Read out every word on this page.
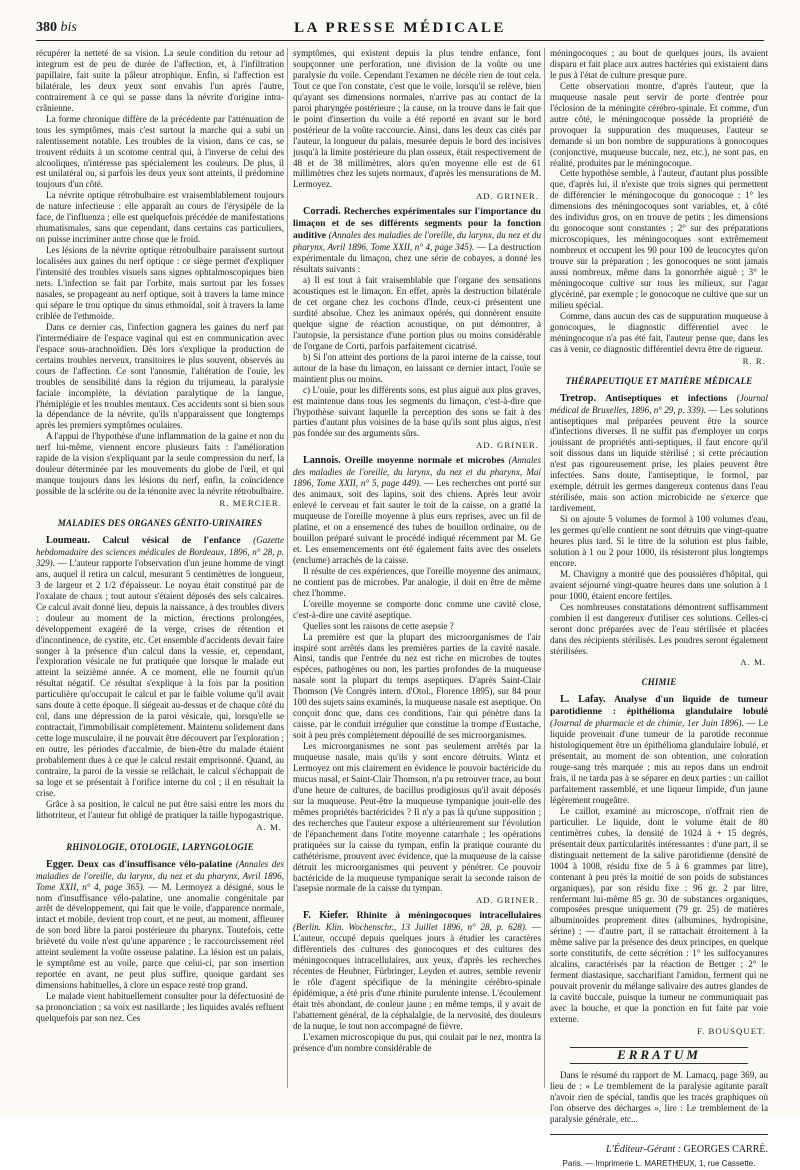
380 bis	LA PRESSE MÉDICALE

récupérer la netteté de sa vision. La seule condition du retour ad integrum est de peu de durée de l'affection, et, à l'infiltration papillaire, fait suite la pâleur atrophique. Enfin, si l'affection est bilatérale, les deux yeux sont envahis l'un après l'autre, contrairement à ce qui se passe dans la névrite d'origine intra-crânienne.

La forme chronique diffère de la précédente par l'atténuation de tous les symptômes, mais c'est surtout la marche qui a subi un ralentissement notable. Les troubles de la vision, dans ce cas, se trouvent réduits à un scotome central qui, à l'inverse de celui des alcooliques, n'intéresse pas spécialement les couleurs. De plus, il est unilatéral ou, si parfois les deux yeux sont atteints, il prédomine toujours d'un côté.

La névrite optique rétrobulbaire est vraisemblablement toujours de nature infectieuse : elle apparaît au cours de l'érysipèle de la face, de l'influenza ; elle est quelquefois précédée de manifestations rhumatismales, sans que cependant, dans certains cas particuliers, on puisse incriminer autre chose que le froid.

Les lésions de la névrite optique rétrobulbaire paraissent surtout localisées aux gaines du nerf optique : ce siège permet d'expliquer l'intensité des troubles visuels sans signes ophtalmoscopiques bien nets. L'infection se fait par l'orbite, mais surtout par les fosses nasales, se propageant au nerf optique, soit à travers la lame mince qui sépare le trou optique du sinus ethmoïdal, soit à travers la lame criblée de l'ethmoïde.

Dans ce dernier cas, l'infection gagnera les gaines du nerf par l'intermédiaire de l'espace vaginal qui est en communication avec l'espace sous-arachnoïdien. Dès lors s'explique la production de certains troubles nerveux, transitoires le plus souvent, observés au cours de l'affection. Ce sont l'anosmie, l'altération de l'ouïe, les troubles de sensibilité dans la région du trijumeau, la paralysie faciale incomplète, la déviation paralytique de la langue, l'hémiplégie et les troubles mentaux. Ces accidents sont si bien sous la dépendance de la névrite, qu'ils n'apparaissent que longtemps après les premiers symptômes oculaires.

A l'appui de l'hypothèse d'une inflammation de la gaine et non du nerf lui-même, viennent encore plusieurs faits : l'amélioration rapide de la vision s'expliquant par la seule compression du nerf, la douleur déterminée par les mouvements du globe de l'œil, et qui manque toujours dans les lésions du nerf, enfin, la coïncidence possible de la sclérite ou de la ténonite avec la névrite rétrobulbaire.

R. MERCIER.
MALADIES DES ORGANES GÉNITO-URINAIRES

Loumeau. Calcul vésical de l'enfance (Gazette hebdomadaire des sciences médicales de Bordeaux, 1896, n° 28, p. 329). — L'auteur rapporte l'observation d'un jeune homme de vingt ans, auquel il retira un calcul, mesurant 5 centimètres de longueur, 3 de largeur et 2 1/2 d'épaisseur. Le noyau était constitué par de l'oxalate de chaux ; tout autour s'étaient déposés des sels calcaires. Ce calcul avait donné lieu, depuis la naissance, à des troubles divers : douleur au moment de la miction, érections prolongées, développement exagéré de la verge, crises de rétention et d'incontinence, de cystite, etc. Cet ensemble d'accidents devait faire songer à la présence d'un calcul dans la vessie, et, cependant, l'exploration vésicale ne fut pratiquée que lorsque le malade eut atteint la seizième année. A ce moment, elle ne fournit qu'un résultat négatif. Ce résultat s'explique à la fois par la position particulière qu'occupait le calcul et par le faible volume qu'il avait sans doute à cette époque. Il siégeait au-dessus et de chaque côté du col, dans une dépression de la paroi vésicale, qui, lorsqu'elle se contractait, l'immobilisait complètement. Maintenu solidement dans cette loge musculaire, il ne pouvait être découvert par l'exploration ; en outre, les périodes d'accalmie, de bien-être du malade étaient probablement dues à ce que le calcul restait emprisonné. Quand, au contraire, la paroi de la vessie se relâchait, le calcul s'échappait de sa loge et se présentait à l'orifice interne du col ; il en résultait la crise.

Grâce à sa position, le calcul ne put être saisi entre les mors du lithotriteur, et l'auteur fut obligé de pratiquer la taille hypogastrique.

A. M.
RHINOLOGIE, OTOLOGIE, LARYNGOLOGIE

Egger. Deux cas d'insuffisance vélo-palatine (Annales des maladies de l'oreille, du larynx, du nez et du pharynx, Avril 1896, Tome XXII, n° 4, page 365). — M. Lermoyez a désigné, sous le nom d'insuffisance vélo-palatine, une anomalie congénitale par arrêt de développement, qui fait que le voile, d'apparence normale, intact et mobile, devient trop court, et ne peut, au moment, affleurer de son bord libre la paroi postérieure du pharynx. Toutefois, cette brièveté du voile n'est qu'une apparence ; le raccourcissement réel atteint seulement la voûte osseuse palatine. La lésion est un palais, le symptôme est au voile, parce que celui-ci, par son insertion reportée en avant, ne peut plus suffire, quoique gardant ses dimensions habituelles, à clore un espace resté trop grand.

Le malade vient habituellement consulter pour la défectuosité de sa prononciation ; sa voix est nasillarde ; les liquides avalés refluent quelquefois par son nez. Ces

symptômes, qui existent depuis la plus tendre enfance, font soupçonner une perforation, une division de la voûte ou une paralysie du voile. Cependant l'examen ne décèle rien de tout cela. Tout ce que l'on constate, c'est que le voile, lorsqu'il se relève, bien qu'ayant ses dimensions normales, n'arrive pas au contact de la paroi pharyngée postérieure ; la cause, on la trouve dans le fait que le point d'insertion du voile a été reporté en avant sur le bord postérieur de la voûte raccourcie. Ainsi, dans les deux cas cités par l'auteur, la longueur du palais, mesurée depuis le bord des incisives jusqu'à la limite postérieure du plan osseux, était respectivement de 48 et de 38 millimètres, alors qu'en moyenne elle est de 61 millimètres chez les sujets normaux, d'après les mensurations de M. Lermoyez.

AD. GRINER.

Corradi. Recherches expérimentales sur l'importance du limaçon et de ses différents segments pour la fonction auditive (Annales des maladies de l'oreille, du larynx, du nez et du pharynx, Avril 1896. Tome XXII, n° 4, page 345). — La destruction expérimentale du limaçon, chez une série de cobayes, a donné les résultats suivants :

a) Il est tout à fait vraisemblable que l'organe des sensations acoustiques est le limaçon. En effet, après la destruction bilatérale de cet organe chez les cochons d'Inde, ceux-ci présentent une surdité absolue. Chez les animaux opérés, qui donnèrent ensuite quelque signe de réaction acoustique, on put démontrer, à l'autopsie, la persistance d'une portion plus ou moins considérable de l'organe de Corti, parfois parfaitement cicatrisé.

b) Si l'on atteint des portions de la paroi interne de la caisse, tout autour de la base du limaçon, en laissant ce dernier intact, l'ouïe se maintient plus ou moins.

c) L'ouïe, pour les différents sons, est plus aiguë aux plus graves, est maintenue dans tous les segments du limaçon, c'est-à-dire que l'hypothèse suivant laquelle la perception des sons se fait à des parties d'autant plus voisines de la base qu'ils sont plus aigus, n'est pas fondée sur des arguments sûrs.

AD. GRINER.

Lannois. Oreille moyenne normale et microbes (Annales des maladies de l'oreille, du larynx, du nez et du pharynx, Mai 1896, Tome XXII, n° 5, page 449). — Les recherches ont porté sur des animaux, soit des lapins, soit des chiens. Après leur avoir enlevé le cerveau et fait sauter le toit de la caisse, on a gratté la muqueuse de l'oreille moyenne à plus eurs reprises, avec un fil de platine, et on a ensemencé des tubes de bouillon ordinaire, ou de bouillon préparé suivant le procédé indiqué récemment par M. Ge et. Les ensemencements ont été également faits avec des osselets (enclume) arrachés de la caisse.

Il résulte de ces expériences, que l'oreille moyenne des animaux, ne contient pas de microbes. Par analogie, il doit en être de même chez l'homme.

L'oreille moyenne se comporte donc comme une cavité close, c'est-à-dire une cavité aseptique.

Quelles sont les raisons de cette asepsie ?

La première est que la plupart des microorganismes de l'air inspiré sont arrêtés dans les premières parties de la cavité nasale. Ainsi, tandis que l'entrée du nez est riche en microbes de toutes espèces, pathogènes ou non, les parties profondes de la muqueuse nasale sont la plupart du temps aseptiques. D'après Saint-Clair Thomson (Ve Congrès intern. d'Otol., Florence 1895), sur 84 pour 100 des sujets sains examinés, la muqueuse nasale est aseptique. On conçoit donc que, dans ces conditions, l'air qui pénètre dans la caisse, par le conduit irrégulier que constitue la trompe d'Eustache, soit à peu près complètement dépouillé de ses microorganismes.

Les microorganismes ne sont pas seulement arrêtés par la muqueuse nasale, mais qu'ils y sont encore détruits. Wintz et Lermoyez ont mis clairement en évidence le pouvoir bactéricide du mucus nasal, et Saint-Clair Thomson, n'a pu retrouver trace, au bout d'une heure de cultures, de bacillus prodigiosus qu'il avait déposés sur la muqueuse. Peut-être la muqueuse tympanique jouit-elle des mêmes propriétés bactéricides ? Il n'y a pas là qu'une supposition ; des recherches que l'auteur expose a ultérieurement sur l'évolution de l'épanchement dans l'otite moyenne catarrhale ; les opérations pratiquées sur la caisse du tympan, enfin la pratique courante du cathétérisme, prouvent avec évidence, que la muqueuse de la caisse détruit les microorganismes qui peuvent y pénétrer. Ce pouvoir bactéricide de la muqueuse tympanique serait la seconde raison de l'asepsie normale de la caisse du tympan.

AD. GRINER.

F. Kiefer. Rhinite à méningocoques intracellulaires (Berlin. Klin. Wochenschr., 13 Juillet 1896, n° 28, p. 628). — L'auteur, occupé depuis quelques jours à étudier les caractères différentiels des cultures des gonocoques et des cultures des méningocoques intracellulaires, aux yeux, d'après les recherches récentes de Heubner, Fürbringer, Leyden et autres, semble revenir le rôle d'agent spécifique de la méningite cérébro-spinale épidémique, a été pris d'une rhinite purulente intense. L'écoulement était très abondant, de couleur jaune ; en même temps, il y avait de l'abattement général, de la céphalalgie, de la nervosité, des douleurs de la nuque, le tout non accompagné de fièvre.

L'examen microscopique du pus, qui coulait par le nez, montra la présence d'un nombre considérable de

méningocoques ; au bout de quelques jours, ils avaient disparu et fait place aux autres bactéries qui existaient dans le pus à l'état de culture presque pure.

Cette observation montre, d'après l'auteur, que la muqueuse nasale peut servir de porte d'entrée pour l'éclosion de la méningite cérébro-spinale. Et comme, d'un autre côté, le méningocoque possède la propriété de provoquer la suppuration des muqueuses, l'auteur se demande si un bon nombre de suppurations à gonocoques (conjonctive, muqueuse buccale, nez, etc.), ne sont pas, en réalité, produites par le méningocoque.

Cette hypothèse semble, à l'auteur, d'autant plus possible que, d'après lui, il n'existe que trois signes qui permettent de différencier le méningocoque du gonocoque : 1° les dimensions des méningocoques sont variables, et, à côté des individus gros, on en trouve de petits ; les dimensions du gonocoque sont constantes ; 2° sur des préparations microscopiques, les méningocoques sont extrêmement nombreux et occupent les 90 pour 100 de leucocytes qu'on trouve sur la préparation ; les gonocoques ne sont jamais aussi nombreux, même dans la gonorrhée aiguë ; 3° le méningocoque cultive sur tous les milieux, sur l'agar glycériné, par exemple ; le gonocoque ne cultive que sur un milieu spécial.

Comme, dans aucun des cas de suppuration muqueuse à gonocoques, le diagnostic différentiel avec le méningocoque n'a pas été fait, l'auteur pense que, dans les cas à venir, ce diagnostic différentiel devra être de rigueur.

R. R.
THÉRAPEUTIQUE ET MATIÈRE MÉDICALE

Tretrop. Antiseptiques et infections (Journal médical de Bruxelles, 1896, n° 29, p. 339). — Les solutions antiseptiques mal préparées peuvent être la source d'infections diverses. Il ne suffit pas d'employer un corps jouissant de propriétés anti-septiques, il faut encore qu'il soit dissous dans un liquide stérilisé ; si cette précaution n'est pas rigoureusement prise, les plaies peuvent être infectées. Sans doute, l'antiseptique, le formol, par exemple, détruit les germes dangereux contenus dans l'eau stérilisée, mais son action microbicide ne s'exerce que tardivement.

Si on ajoute 5 volumes de formol à 100 volumes d'eau, les germes qu'elle contient ne sont détruits que vingt-quatre heures plus tard. Si le titre de la solution est plus faible, solution à 1 ou 2 pour 1000, ils résisteront plus longtemps encore.

M. Chavigny a montré que des poussières d'hôpital, qui avaient séjourné vingt-quatre heures dans une solution à 1 pour 1000, étaient encore fertiles.

Ces nombreuses constatations démontrent suffisamment combien il est dangereux d'utiliser ces solutions. Celles-ci seront donc préparées avec de l'eau stérilisée et placées dans des récipients stérilisés. Les poudres seront également stérilisées.

A. M.
CHIMIE

L. Lafay. Analyse d'un liquide de tumeur parotidienne : épithélioma glandulaire lobulé (Journal de pharmacie et de chimie, 1er Juin 1896). — Le liquide provenait d'une tumeur de la parotide reconnue histologiquement être un épithélioma glandulaire lobulé, et présentait, au moment de son obtention, une coloration rouge-sang très marquée ; mis au repos dans un endroit frais, il ne tarda pas à se séparer en deux parties : un caillot parfaitement rassemblé, et une liqueur limpide, d'un jaune légèrement rougeâtre.

Le caillot, examiné au microscope, n'offrait rien de particulier. Le liquide, dont le volume était de 80 centimètres cubes, la densité de 1024 à + 15 degrés, présentait deux particularités intéressantes : d'une part, il se distinguait nettement de la salive parotidienne (densité de 1004 à 1008, résidu fixe de 5 à 6 grammes par litre), contenant à peu près la moitié de son poids de substances organiques), par son résidu fixe : 96 gr. 2 par litre, renfermant lui-même 85 gr. 30 de substances organiques, composées presque uniquement (79 gr. 25) de matières albuminoïdes proprement dites (albumines, hydropisine, sérine) ; — d'autre part, il se rattachait étroitement à la même salive par la présence des deux principes, en quelque sorte constitutifs, de cette sécrétion : 1° les sulfocyanures alcalins, caractérisés par la réaction de Bettger ; 2° le ferment diastasique, saccharifiant l'amidon, ferment qui ne pouvait provenir du mélange salivaire des autres glandes de la cavité buccale, puisque la tumeur ne communiquait pas avec la bouche, et que la ponction en fut faite par voie externe.

F. BOUSQUET.
ERRATUM

Dans le résumé du rapport de M. Lamacq, page 369, au lieu de : « Le tremblement de la paralysie agitante paraît n'avoir rien de spécial, tandis que les tracés graphiques où l'on observe des décharges », lire : Le tremblement de la paralysie générale, etc...

L'Éditeur-Gérant : GEORGES CARRÉ.
Paris. — Imprimerie L. MARETHEUX, 1, rue Cassette.
